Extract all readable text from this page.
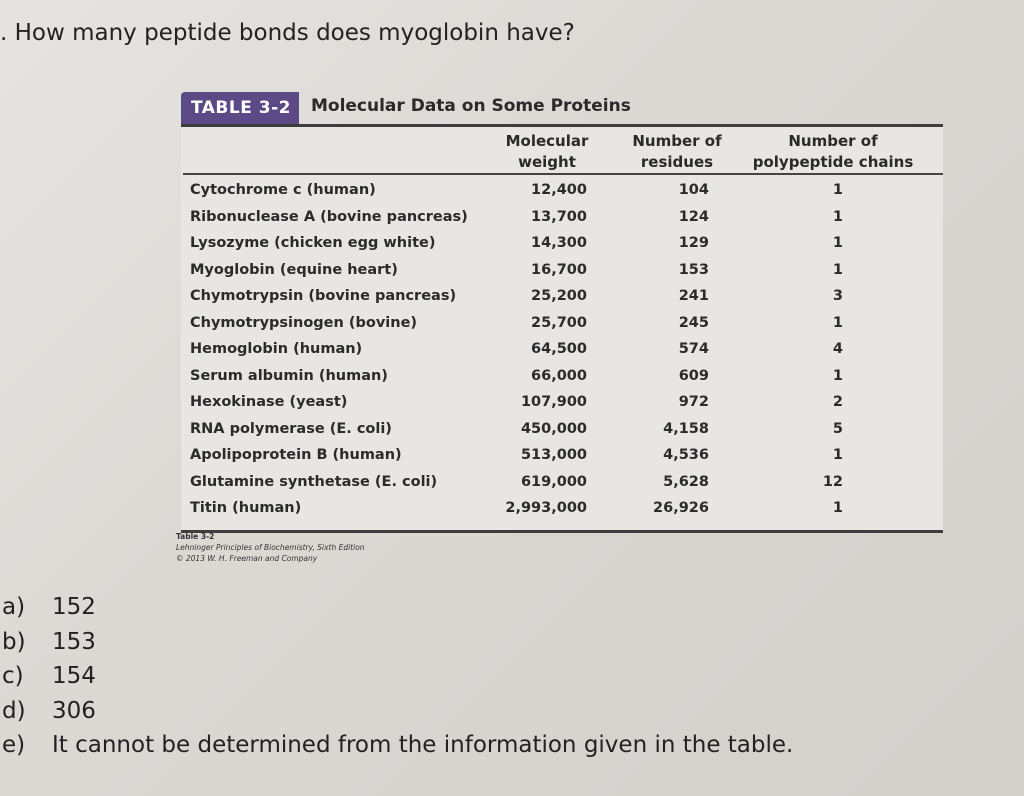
. How many peptide bonds does myoglobin have?
TABLE 3-2	Molecular Data on Some Proteins
Molecular
weight
Number of
residues
Number of
polypeptide chains
Cytochrome c (human)	12,400	104	1
Ribonuclease A (bovine pancreas)	13,700	124	1
Lysozyme (chicken egg white)	14,300	129	1
Myoglobin (equine heart)	16,700	153	1
Chymotrypsin (bovine pancreas)	25,200	241	3
Chymotrypsinogen (bovine)	25,700	245	1
Hemoglobin (human)	64,500	574	4
Serum albumin (human)	66,000	609	1
Hexokinase (yeast)	107,900	972	2
RNA polymerase (E. coli)	450,000	4,158	5
Apolipoprotein B (human)	513,000	4,536	1
Glutamine synthetase (E. coli)	619,000	5,628	12
Titin (human)	2,993,000	26,926	1
Table 3-2
Lehninger Principles of Biochemistry, Sixth Edition
© 2013 W. H. Freeman and Company
a) 152
b) 153
c) 154
d) 306
e) It cannot be determined from the information given in the table.
